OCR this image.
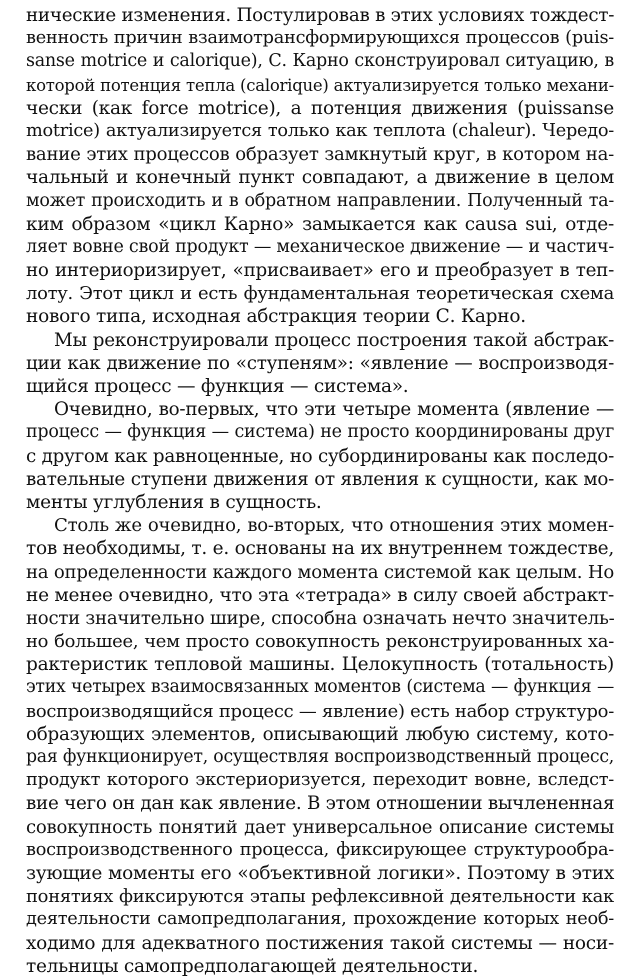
нические изменения. Постулировав в этих условиях тождест-
венность причин взаимотрансформирующихся процессов (puis-
sanse motrice и calorique), С. Карно сконструировал ситуацию, в
которой потенция тепла (calorique) актуализируется только механи-
чески (как force motrice), а потенция движения (puissanse
motrice) актуализируется только как теплота (chaleur). Чередо-
вание этих процессов образует замкнутый круг, в котором на-
чальный и конечный пункт совпадают, а движение в целом
может происходить и в обратном направлении. Полученный та-
ким образом «цикл Карно» замыкается как causa sui, отде-
ляет вовне свой продукт — механическое движение — и частич-
но интериоризирует, «присваивает» его и преобразует в теп-
лоту. Этот цикл и есть фундаментальная теоретическая схема
нового типа, исходная абстракция теории С. Карно.
Мы реконструировали процесс построения такой абстрак-
ции как движение по «ступеням»: «явление — воспроизводя-
щийся процесс — функция — система».
Очевидно, во-первых, что эти четыре момента (явление —
процесс — функция — система) не просто координированы друг
с другом как равноценные, но субординированы как последо-
вательные ступени движения от явления к сущности, как мо-
менты углубления в сущность.
Столь же очевидно, во-вторых, что отношения этих момен-
тов необходимы, т. е. основаны на их внутреннем тождестве,
на определенности каждого момента системой как целым. Но
не менее очевидно, что эта «тетрада» в силу своей абстракт-
ности значительно шире, способна означать нечто значитель-
но большее, чем просто совокупность реконструированных ха-
рактеристик тепловой машины. Целокупность (тотальность)
этих четырех взаимосвязанных моментов (система — функция —
воспроизводящийся процесс — явление) есть набор структуро-
образующих элементов, описывающий любую систему, кото-
рая функционирует, осуществляя воспроизводственный процесс,
продукт которого экстериоризуется, переходит вовне, вследст-
вие чего он дан как явление. В этом отношении вычлененная
совокупность понятий дает универсальное описание системы
воспроизводственного процесса, фиксирующее структурообра-
зующие моменты его «объективной логики». Поэтому в этих
понятиях фиксируются этапы рефлексивной деятельности как
деятельности самопредполагания, прохождение которых необ-
ходимо для адекватного постижения такой системы — носи-
тельницы самопредполагающей деятельности.
